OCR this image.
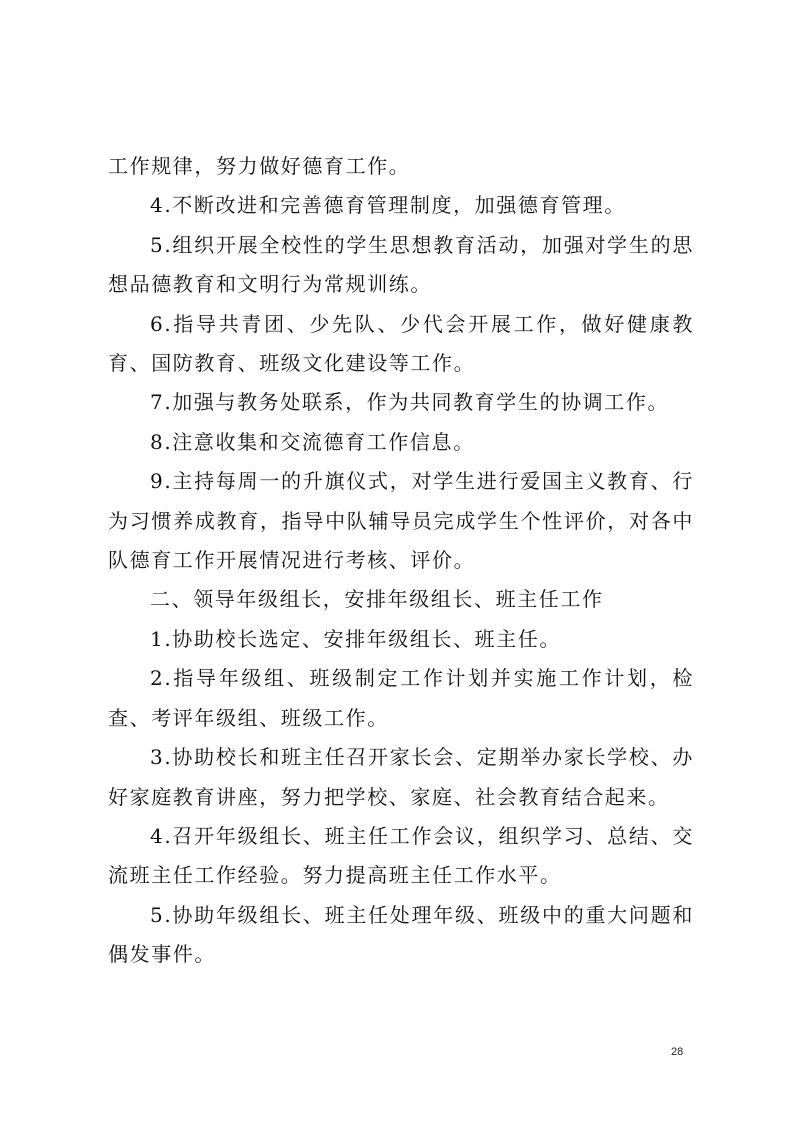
工作规律，努力做好德育工作。

4.不断改进和完善德育管理制度，加强德育管理。

5.组织开展全校性的学生思想教育活动，加强对学生的思想品德教育和文明行为常规训练。

6.指导共青团、少先队、少代会开展工作，做好健康教育、国防教育、班级文化建设等工作。

7.加强与教务处联系，作为共同教育学生的协调工作。

8.注意收集和交流德育工作信息。

9.主持每周一的升旗仪式，对学生进行爱国主义教育、行为习惯养成教育，指导中队辅导员完成学生个性评价，对各中队德育工作开展情况进行考核、评价。

二、领导年级组长，安排年级组长、班主任工作

1.协助校长选定、安排年级组长、班主任。

2.指导年级组、班级制定工作计划并实施工作计划，检查、考评年级组、班级工作。

3.协助校长和班主任召开家长会、定期举办家长学校、办好家庭教育讲座，努力把学校、家庭、社会教育结合起来。

4.召开年级组长、班主任工作会议，组织学习、总结、交流班主任工作经验。努力提高班主任工作水平。

5.协助年级组长、班主任处理年级、班级中的重大问题和偶发事件。

28
